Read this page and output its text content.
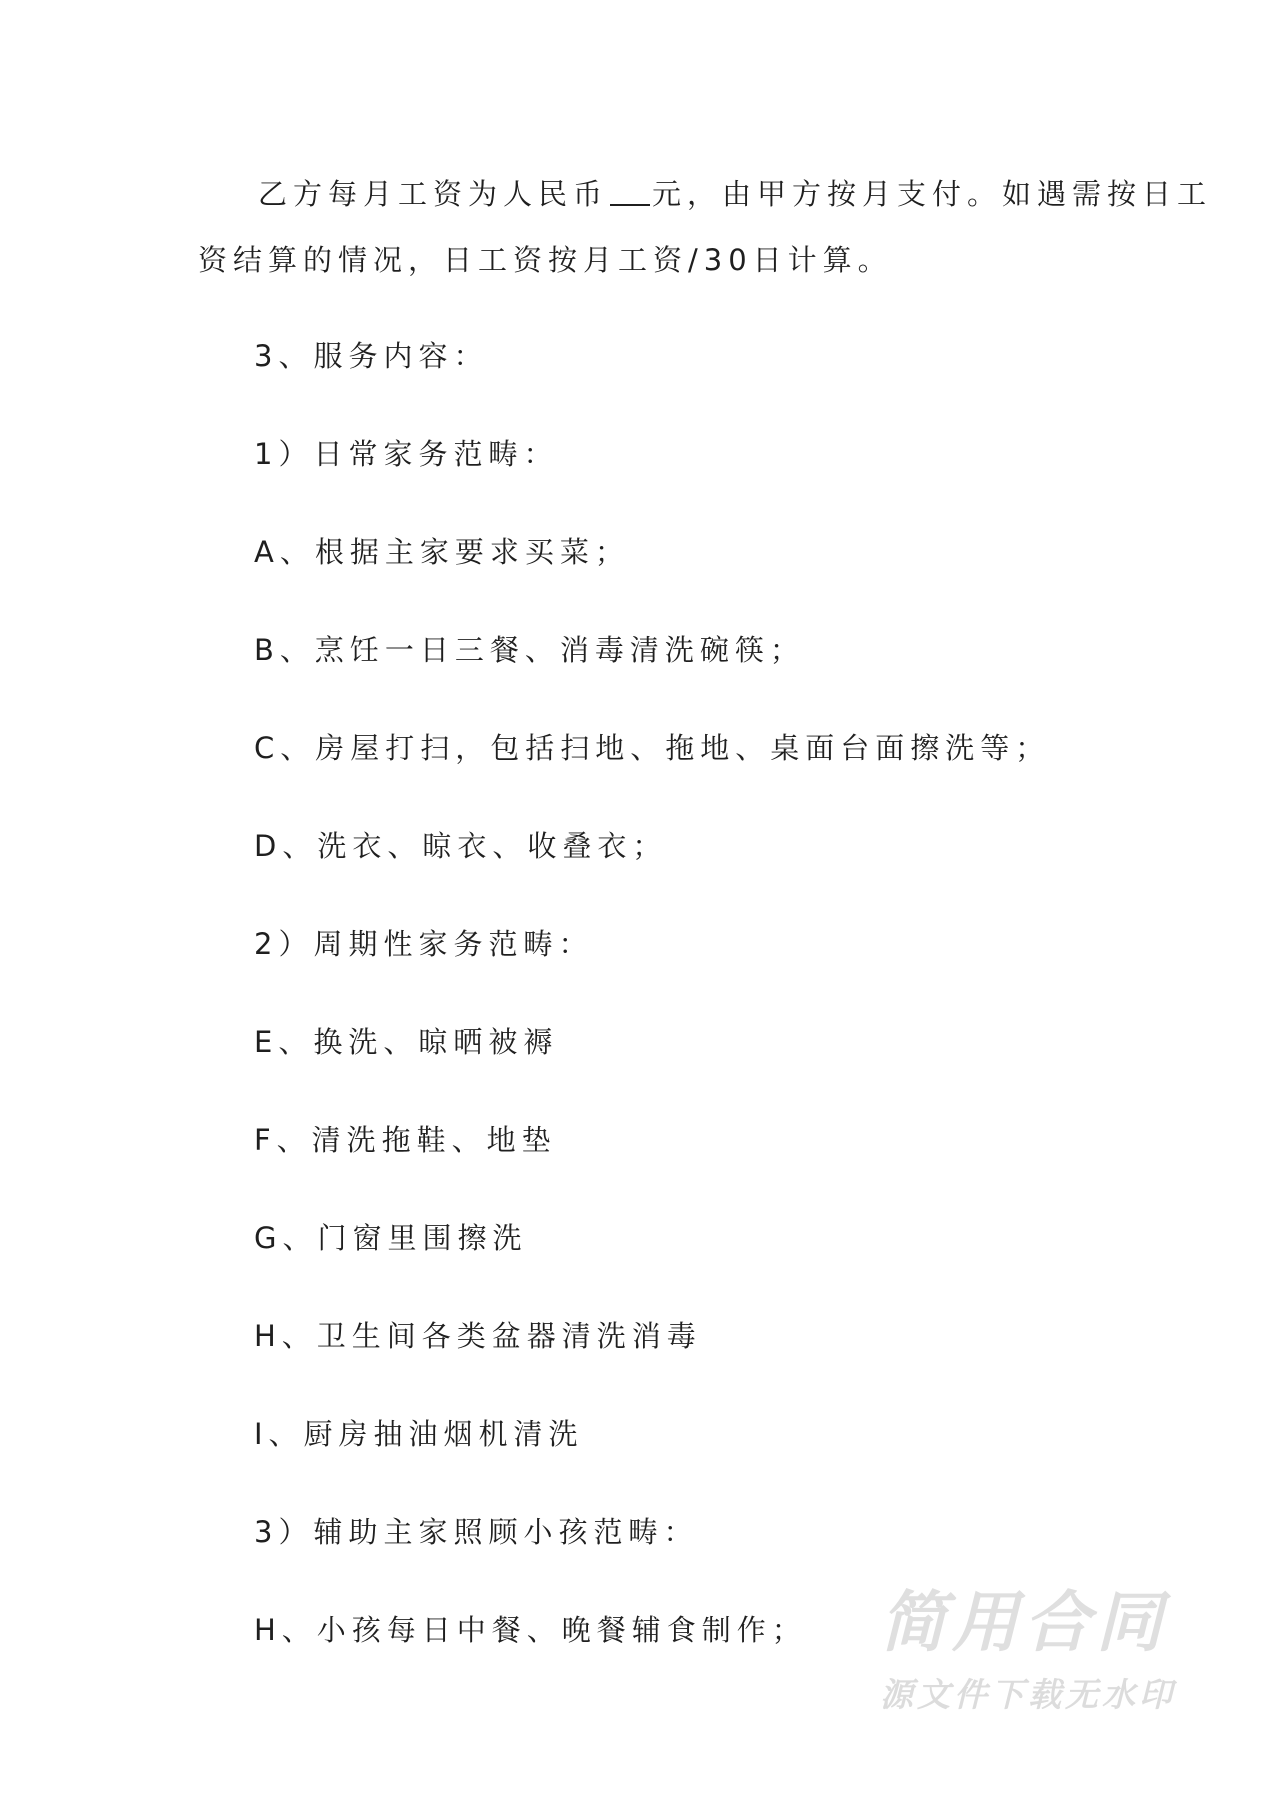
乙方每月工资为人民币 元，由甲方按月支付。如遇需按日工
资结算的情况，日工资按月工资/30日计算。
3、服务内容：
1）日常家务范畴：
A、根据主家要求买菜；
B、烹饪一日三餐、消毒清洗碗筷；
C、房屋打扫，包括扫地、拖地、桌面台面擦洗等；
D、洗衣、晾衣、收叠衣；
2）周期性家务范畴：
E、换洗、晾晒被褥
F、清洗拖鞋、地垫
G、门窗里围擦洗
H、卫生间各类盆器清洗消毒
I、厨房抽油烟机清洗
3）辅助主家照顾小孩范畴：
H、小孩每日中餐、晚餐辅食制作； 简用合同
源文件下载无水印
